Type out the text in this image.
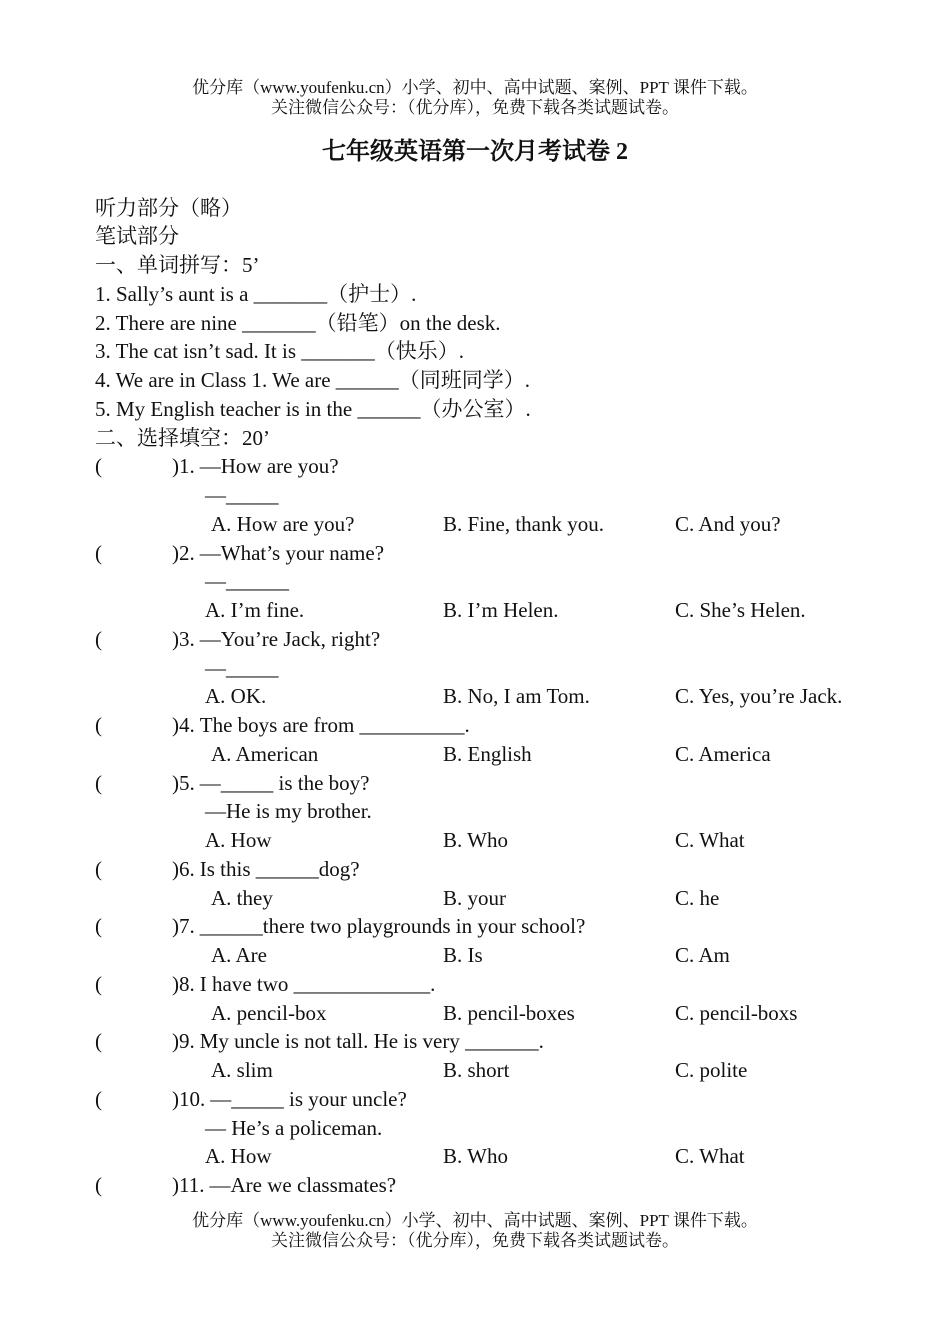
优分库（www.youfenku.cn）小学、初中、高中试题、案例、PPT 课件下载。
关注微信公众号：（优分库），免费下载各类试题试卷。
七年级英语第一次月考试卷 2
听力部分（略）
笔试部分
一、单词拼写：5’
1. Sally’s aunt is a _______（护士）.
2. There are nine _______（铅笔）on the desk.
3. The cat isn’t sad. It is _______（快乐）.
4. We are in Class 1. We are ______（同班同学）.
5. My English teacher is in the ______（办公室）.
二、选择填空：20’
(	)1. —How are you?
—_____
A. How are you?	B. Fine, thank you.	C. And you?
(	)2. —What’s your name?
—______
A. I’m fine.	B. I’m Helen.	C. She’s Helen.
(	)3. —You’re Jack, right?
—_____
A. OK.	B. No, I am Tom.	C. Yes, you’re Jack.
(	)4. The boys are from __________.
A. American	B. English	C. America
(	)5. —_____ is the boy?
—He is my brother.
A. How	B. Who	C. What
(	)6. Is this ______dog?
A. they	B. your	C. he
(	)7. ______there two playgrounds in your school?
A. Are	B. Is	C. Am
(	)8. I have two _____________.
A. pencil-box	B. pencil-boxes	C. pencil-boxs
(	)9. My uncle is not tall. He is very _______.
A. slim	B. short	C. polite
(	)10. —_____ is your uncle?
— He’s a policeman.
A. How	B. Who	C. What
(	)11. —Are we classmates?
优分库（www.youfenku.cn）小学、初中、高中试题、案例、PPT 课件下载。
关注微信公众号：（优分库），免费下载各类试题试卷。
